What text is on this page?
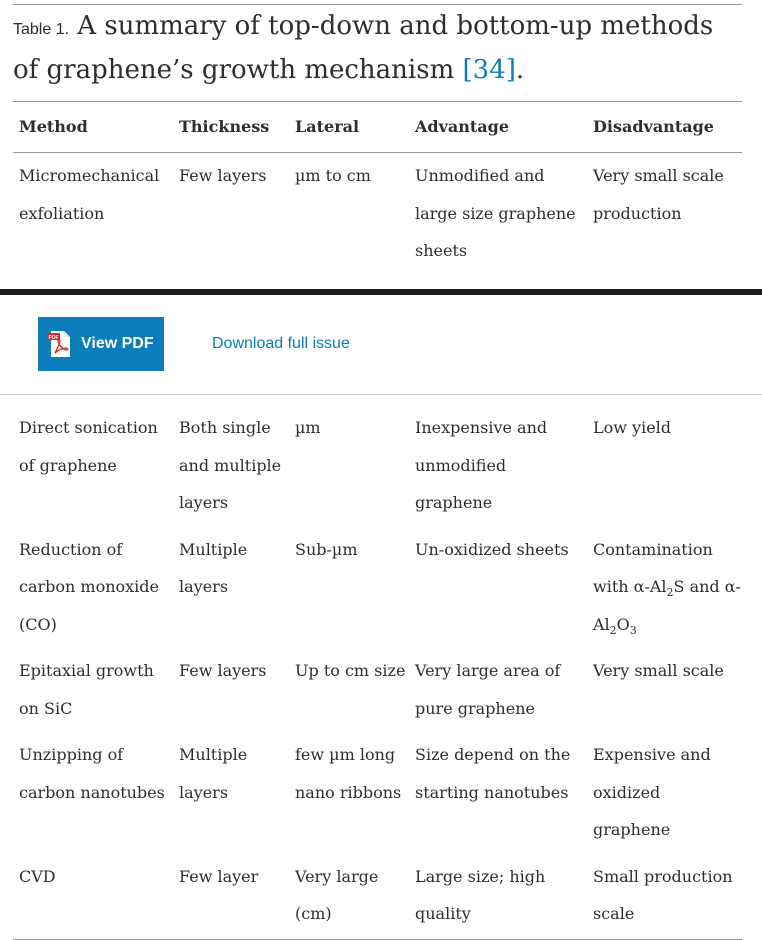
Table 1. A summary of top-down and bottom-up methods of graphene’s growth mechanism [34].
Method	Thickness	Lateral	Advantage	Disadvantage
Micromechanical exfoliation	Few layers	µm to cm	Unmodified and large size graphene sheets	Very small scale production

PDF View PDF	Download full issue
Direct sonication of graphene	Both single and multiple layers	µm	Inexpensive and unmodified graphene	Low yield
Reduction of carbon monoxide (CO)	Multiple layers	Sub-µm	Un-oxidized sheets	Contamination with $\alpha-Al_2S$ and $\alpha-Al_2O_3$
Epitaxial growth on SiC	Few layers	Up to cm size	Very large area of pure graphene	Very small scale
Unzipping of carbon nanotubes	Multiple layers	few µm long nano ribbons	Size depend on the starting nanotubes	Expensive and oxidized graphene
CVD	Few layer	Very large (cm)	Large size; high quality	Small production scale
